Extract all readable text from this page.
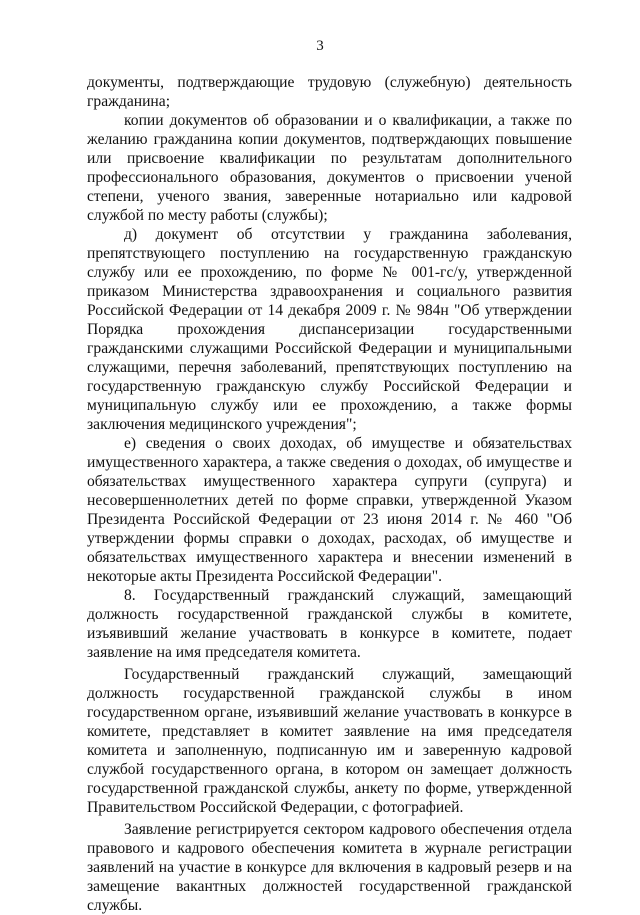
3

документы, подтверждающие трудовую (служебную) деятельность гражданина;

копии документов об образовании и о квалификации, а также по желанию гражданина копии документов, подтверждающих повышение или присвоение квалификации по результатам дополнительного профессионального образования, документов о присвоении ученой степени, ученого звания, заверенные нотариально или кадровой службой по месту работы (службы);

д) документ об отсутствии у гражданина заболевания, препятствующего поступлению на государственную гражданскую службу или ее прохождению, по форме № 001-гс/у, утвержденной приказом Министерства здравоохранения и социального развития Российской Федерации от 14 декабря 2009 г. № 984н "Об утверждении Порядка прохождения диспансеризации государственными гражданскими служащими Российской Федерации и муниципальными служащими, перечня заболеваний, препятствующих поступлению на государственную гражданскую службу Российской Федерации и муниципальную службу или ее прохождению, а также формы заключения медицинского учреждения";

е) сведения о своих доходах, об имуществе и обязательствах имущественного характера, а также сведения о доходах, об имуществе и обязательствах имущественного характера супруги (супруга) и несовершеннолетних детей по форме справки, утвержденной Указом Президента Российской Федерации от 23 июня 2014 г. № 460 "Об утверждении формы справки о доходах, расходах, об имуществе и обязательствах имущественного характера и внесении изменений в некоторые акты Президента Российской Федерации".

8. Государственный гражданский служащий, замещающий должность государственной гражданской службы в комитете, изъявивший желание участвовать в конкурсе в комитете, подает заявление на имя председателя комитета.

Государственный гражданский служащий, замещающий должность государственной гражданской службы в ином государственном органе, изъявивший желание участвовать в конкурсе в комитете, представляет в комитет заявление на имя председателя комитета и заполненную, подписанную им и заверенную кадровой службой государственного органа, в котором он замещает должность государственной гражданской службы, анкету по форме, утвержденной Правительством Российской Федерации, с фотографией.

Заявление регистрируется сектором кадрового обеспечения отдела правового и кадрового обеспечения комитета в журнале регистрации заявлений на участие в конкурсе для включения в кадровый резерв и на замещение вакантных должностей государственной гражданской службы.
